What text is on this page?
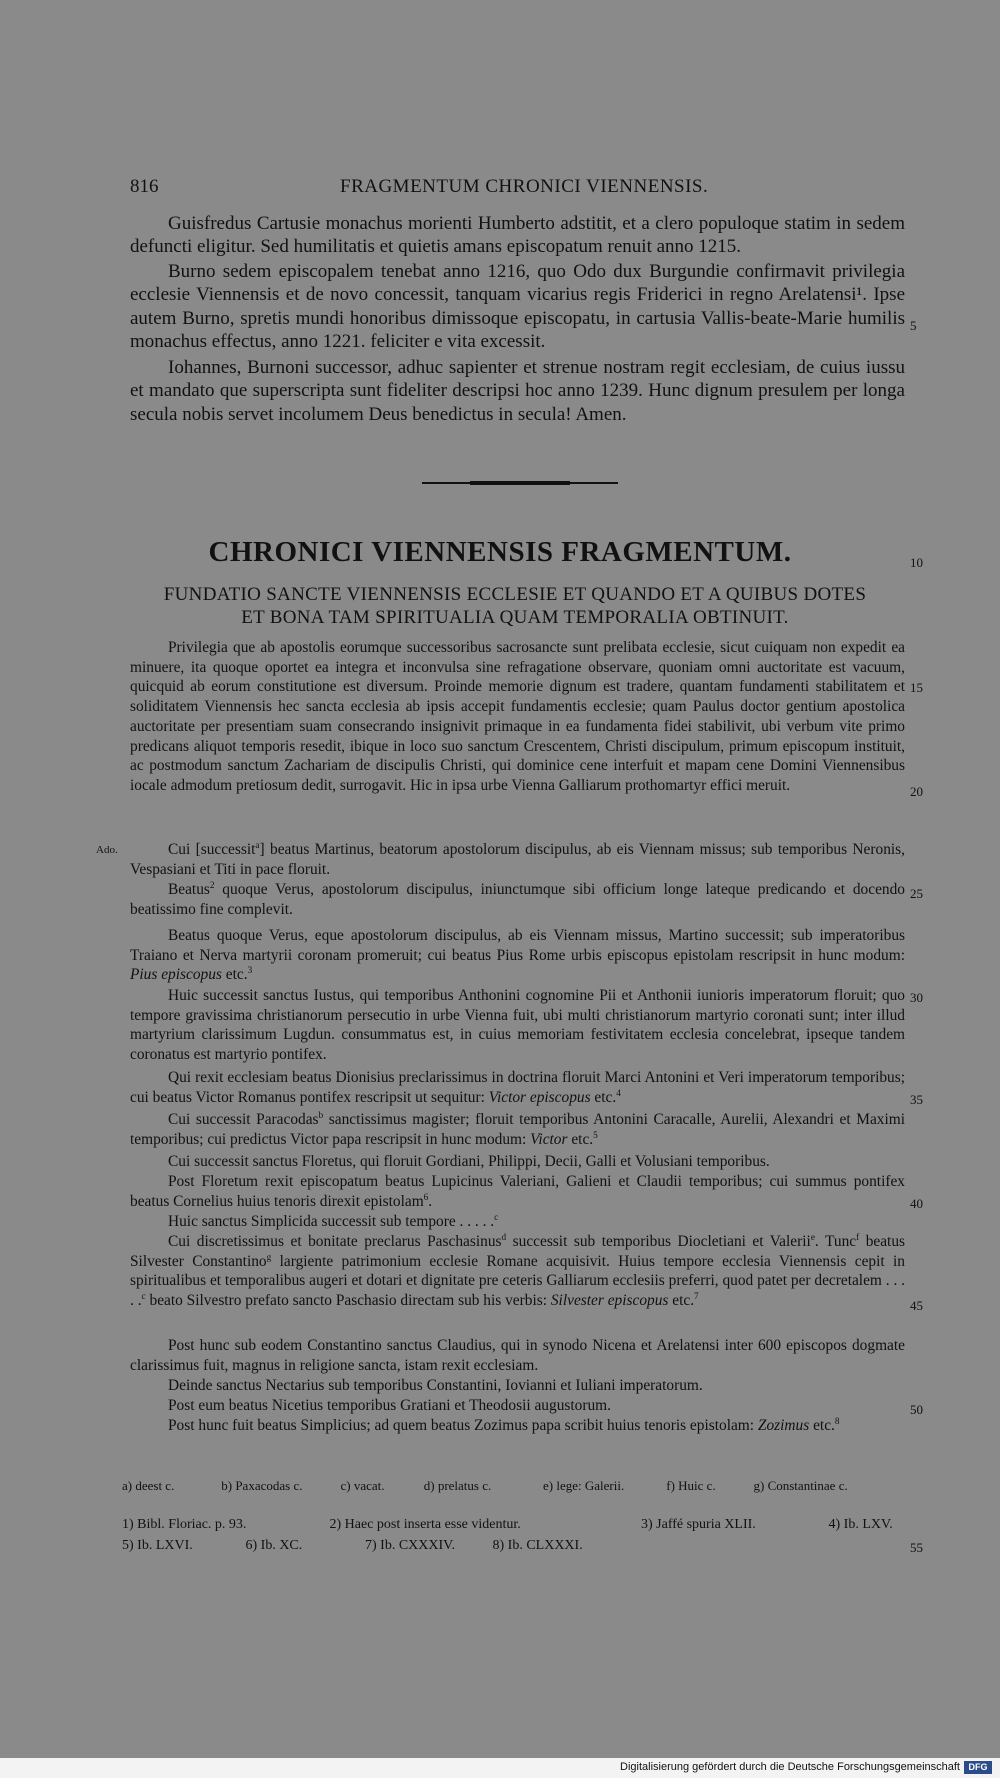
816	FRAGMENTUM CHRONICI VIENNENSIS.

Guisfredus Cartusie monachus morienti Humberto adstitit, et a clero populoque statim in sedem defuncti eligitur. Sed humilitatis et quietis amans episcopatum renuit anno 1215.

Burno sedem episcopalem tenebat anno 1216, quo Odo dux Burgundie confirmavit privilegia ecclesie Viennensis et de novo concessit, tanquam vicarius regis Friderici in regno Arelatensi¹. Ipse autem Burno, spretis mundi honoribus dimissoque episcopatu, in cartusia Vallis-beate-Marie humilis monachus effectus, anno 1221. feliciter e vita excessit.

Iohannes, Burnoni successor, adhuc sapienter et strenue nostram regit ecclesiam, de cuius iussu et mandato que superscripta sunt fideliter descripsi hoc anno 1239. Hunc dignum presulem per longa secula nobis servet incolumem Deus benedictus in secula! Amen.

CHRONICI VIENNENSIS FRAGMENTUM.
FUNDATIO SANCTE VIENNENSIS ECCLESIE ET QUANDO ET A QUIBUS DOTES
ET BONA TAM SPIRITUALIA QUAM TEMPORALIA OBTINUIT.

Privilegia que ab apostolis eorumque successoribus sacrosancte sunt prelibata ecclesie, sicut cuiquam non expedit ea minuere, ita quoque oportet ea integra et inconvulsa sine refragatione observare, quoniam omni auctoritate est vacuum, quicquid ab eorum constitutione est diversum. Proinde memorie dignum est tradere, quantam fundamenti stabilitatem et soliditatem Viennensis hec sancta ecclesia ab ipsis accepit fundamentis ecclesie; quam Paulus doctor gentium apostolica auctoritate per presentiam suam consecrando insignivit primaque in ea fundamenta fidei stabilivit, ubi verbum vite primo predicans aliquot temporis resedit, ibique in loco suo sanctum Crescentem, Christi discipulum, primum episcopum instituit, ac postmodum sanctum Zachariam de discipulis Christi, qui dominice cene interfuit et mapam cene Domini Viennensibus iocale admodum pretiosum dedit, surrogavit. Hic in ipsa urbe Vienna Galliarum prothomartyr effici meruit.

Ado.	Cui [successit$^a$] beatus Martinus, beatorum apostolorum discipulus, ab eis Viennam missus; sub temporibus Neronis, Vespasiani et Titi in pace floruit.

Beatus$^2$ quoque Verus, apostolorum discipulus, iniunctumque sibi officium longe lateque predicando et docendo beatissimo fine complevit.

Beatus quoque Verus, eque apostolorum discipulus, ab eis Viennam missus, Martino successit; sub imperatoribus Traiano et Nerva martyrii coronam promeruit; cui beatus Pius Rome urbis episcopus epistolam rescripsit in hunc modum: Pius episcopus etc.$^3$

Huic successit sanctus Iustus, qui temporibus Anthonini cognomine Pii et Anthonii iunioris imperatorum floruit; quo tempore gravissima christianorum persecutio in urbe Vienna fuit, ubi multi christianorum martyrio coronati sunt; inter illud martyrium clarissimum Lugdun. consummatus est, in cuius memoriam festivitatem ecclesia concelebrat, ipseque tandem coronatus est martyrio pontifex.

Qui rexit ecclesiam beatus Dionisius preclarissimus in doctrina floruit Marci Antonini et Veri imperatorum temporibus; cui beatus Victor Romanus pontifex rescripsit ut sequitur: Victor episcopus etc.$^4$

Cui successit Paracodas$^b$ sanctissimus magister; floruit temporibus Antonini Caracalle, Aurelii, Alexandri et Maximi temporibus; cui predictus Victor papa rescripsit in hunc modum: Victor etc.$^5$

Cui successit sanctus Floretus, qui floruit Gordiani, Philippi, Decii, Galli et Volusiani temporibus.

Post Floretum rexit episcopatum beatus Lupicinus Valeriani, Galieni et Claudii temporibus; cui summus pontifex beatus Cornelius huius tenoris direxit epistolam$^6$.

Huic sanctus Simplicida successit sub tempore . . . . .$^c$

Cui discretissimus et bonitate preclarus Paschasinus$^d$ successit sub temporibus Diocletiani et Valerii$^e$. Tunc$^f$ beatus Silvester Constantino$^g$ largiente patrimonium ecclesie Romane acquisivit. Huius tempore ecclesia Viennensis cepit in spiritualibus et temporalibus augeri et dotari et dignitate pre ceteris Galliarum ecclesiis preferri, quod patet per decretalem . . . . .$^c$ beato Silvestro prefato sancto Paschasio directam sub his verbis: Silvester episcopus etc.$^7$

Post hunc sub eodem Constantino sanctus Claudius, qui in synodo Nicena et Arelatensi inter 600 episcopos dogmate clarissimus fuit, magnus in religione sancta, istam rexit ecclesiam.

Deinde sanctus Nectarius sub temporibus Constantini, Iovianni et Iuliani imperatorum.

Post eum beatus Nicetius temporibus Gratiani et Theodosii augustorum.

Post hunc fuit beatus Simplicius; ad quem beatus Zozimus papa scribit huius tenoris epistolam: Zozimus etc.$^8$

a) deest c.	b) Paxacodas c.	c) vacat.	d) prelatus c.	e) lege: Galerii.	f) Huic c.	g) Constantinae c.
1) Bibl. Floriac. p. 93.	2) Haec post inserta esse videntur.	3) Jaffé spuria XLII.	4) Ib. LXV.
5) Ib. LXVI.	6) Ib. XC.	7) Ib. CXXXIV.	8) Ib. CLXXXI.
5
10
15
20
25
30
35
40
45
50
55
Digitalisierung gefördert durch die Deutsche Forschungsgemeinschaft DFG
